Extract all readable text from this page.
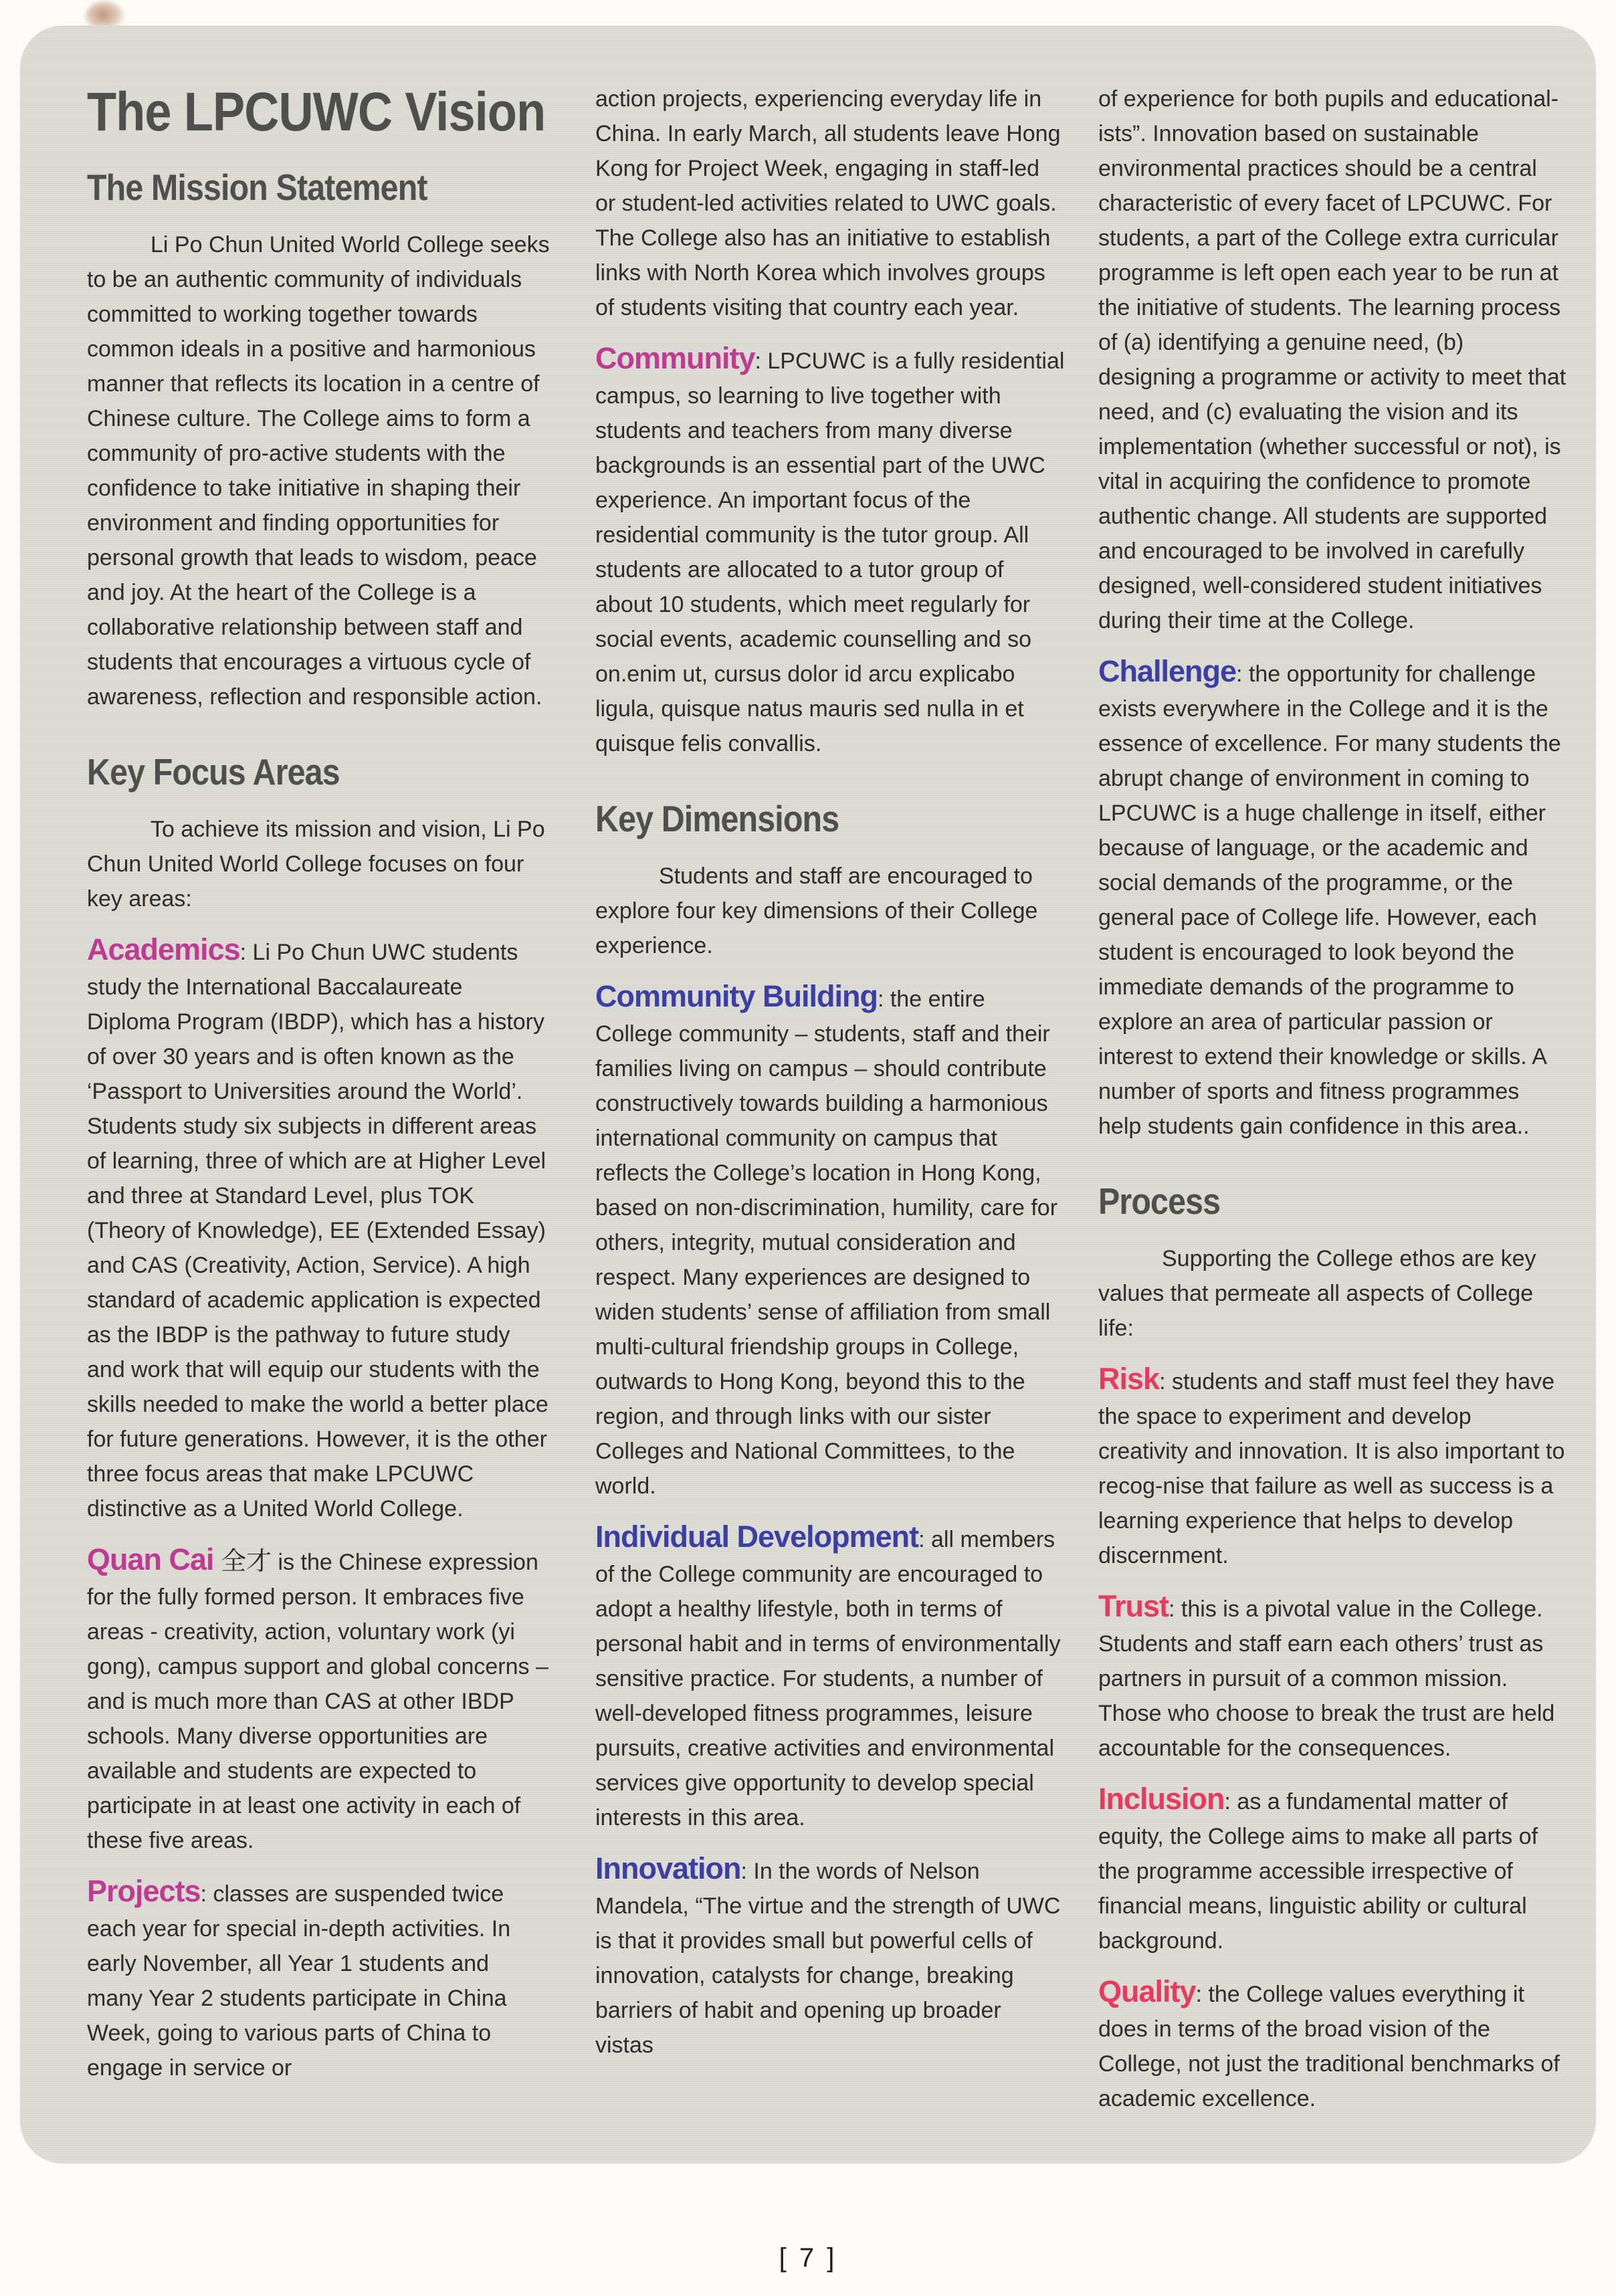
The LPCUWC Vision
The Mission Statement

Li Po Chun United World College seeks to be an authentic community of individuals committed to working together towards common ideals in a positive and harmonious manner that reflects its location in a centre of Chinese culture. The College aims to form a community of pro-active students with the confidence to take initiative in shaping their environment and finding opportunities for personal growth that leads to wisdom, peace and joy. At the heart of the College is a collaborative relationship between staff and students that encourages a virtuous cycle of awareness, reflection and responsible action.

Key Focus Areas

To achieve its mission and vision, Li Po Chun United World College focuses on four key areas:

Academics: Li Po Chun UWC students study the International Baccalaureate Diploma Program (IBDP), which has a history of over 30 years and is often known as the ‘Passport to Universities around the World’. Students study six subjects in different areas of learning, three of which are at Higher Level and three at Standard Level, plus TOK (Theory of Knowledge), EE (Extended Essay) and CAS (Creativity, Action, Service). A high standard of academic application is expected as the IBDP is the pathway to future study and work that will equip our students with the skills needed to make the world a better place for future generations. However, it is the other three focus areas that make LPCUWC distinctive as a United World College.

Quan Cai 全才 is the Chinese expression for the fully formed person. It embraces five areas - creativity, action, voluntary work (yi gong), campus support and global concerns – and is much more than CAS at other IBDP schools. Many diverse opportunities are available and students are expected to participate in at least one activity in each of these five areas.

Projects: classes are suspended twice each year for special in-depth activities. In early November, all Year 1 students and many Year 2 students participate in China Week, going to various parts of China to engage in service or

action projects, experiencing everyday life in China. In early March, all students leave Hong Kong for Project Week, engaging in staff-led or student-led activities related to UWC goals. The College also has an initiative to establish links with North Korea which involves groups of students visiting that country each year.

Community: LPCUWC is a fully residential campus, so learning to live together with students and teachers from many diverse backgrounds is an essential part of the UWC experience. An important focus of the residential community is the tutor group. All students are allocated to a tutor group of about 10 students, which meet regularly for social events, academic counselling and so on.enim ut, cursus dolor id arcu explicabo ligula, quisque natus mauris sed nulla in et quisque felis convallis.

Key Dimensions

Students and staff are encouraged to explore four key dimensions of their College experience.

Community Building: the entire College community – students, staff and their families living on campus – should contribute constructively towards building a harmonious international community on campus that reflects the College’s location in Hong Kong, based on non-discrimination, humility, care for others, integrity, mutual consideration and respect. Many experiences are designed to widen students’ sense of affiliation from small multi-cultural friendship groups in College, outwards to Hong Kong, beyond this to the region, and through links with our sister Colleges and National Committees, to the world.

Individual Development: all members of the College community are encouraged to adopt a healthy lifestyle, both in terms of personal habit and in terms of environmentally sensitive practice. For students, a number of well-developed fitness programmes, leisure pursuits, creative activities and environmental services give opportunity to develop special interests in this area.

Innovation: In the words of Nelson Mandela, “The virtue and the strength of UWC is that it provides small but powerful cells of innovation, catalysts for change, breaking barriers of habit and opening up broader vistas

of experience for both pupils and educational-ists”. Innovation based on sustainable environmental practices should be a central characteristic of every facet of LPCUWC. For students, a part of the College extra curricular programme is left open each year to be run at the initiative of students. The learning process of (a) identifying a genuine need, (b) designing a programme or activity to meet that need, and (c) evaluating the vision and its implementation (whether successful or not), is vital in acquiring the confidence to promote authentic change. All students are supported and encouraged to be involved in carefully designed, well-considered student initiatives during their time at the College.

Challenge: the opportunity for challenge exists everywhere in the College and it is the essence of excellence. For many students the abrupt change of environment in coming to LPCUWC is a huge challenge in itself, either because of language, or the academic and social demands of the programme, or the general pace of College life. However, each student is encouraged to look beyond the immediate demands of the programme to explore an area of particular passion or interest to extend their knowledge or skills. A number of sports and fitness programmes help students gain confidence in this area..

Process

Supporting the College ethos are key values that permeate all aspects of College life:

Risk: students and staff must feel they have the space to experiment and develop creativity and innovation. It is also important to recog-nise that failure as well as success is a learning experience that helps to develop discernment.

Trust: this is a pivotal value in the College. Students and staff earn each others’ trust as partners in pursuit of a common mission. Those who choose to break the trust are held accountable for the consequences.

Inclusion: as a fundamental matter of equity, the College aims to make all parts of the programme accessible irrespective of financial means, linguistic ability or cultural background.

Quality: the College values everything it does in terms of the broad vision of the College, not just the traditional benchmarks of academic excellence.

[ 7 ]
